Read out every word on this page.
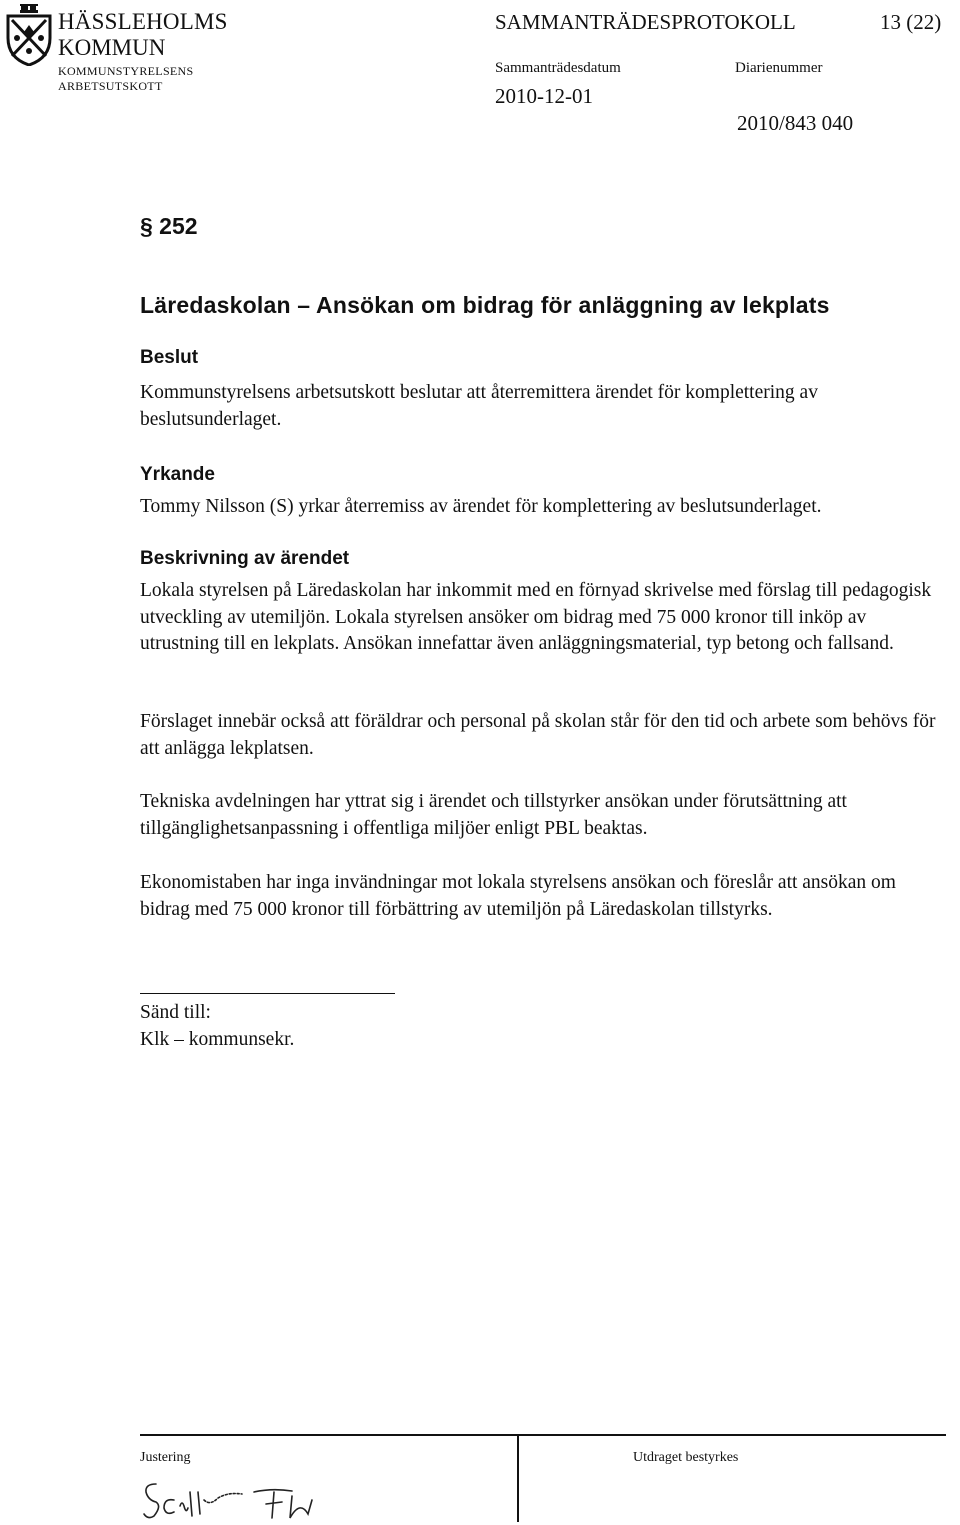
HÄSSLEHOLMS
KOMMUN
KOMMUNSTYRELSENS
ARBETSUTSKOTT
SAMMANTRÄDESPROTOKOLL	13 (22)
Sammanträdesdatum
2010-12-01
Diarienummer
2010/843 040
§ 252
Läredaskolan – Ansökan om bidrag för anläggning av lekplats
Beslut

Kommunstyrelsens arbetsutskott beslutar att återremittera ärendet för komplettering av beslutsunderlaget.

Yrkande

Tommy Nilsson (S) yrkar återremiss av ärendet för komplettering av beslutsunderlaget.

Beskrivning av ärendet

Lokala styrelsen på Läredaskolan har inkommit med en förnyad skrivelse med förslag till pedagogisk utveckling av utemiljön. Lokala styrelsen ansöker om bidrag med 75 000 kronor till inköp av utrustning till en lekplats. Ansökan innefattar även anläggningsmaterial, typ betong och fallsand.

Förslaget innebär också att föräldrar och personal på skolan står för den tid och arbete som behövs för att anlägga lekplatsen.

Tekniska avdelningen har yttrat sig i ärendet och tillstyrker ansökan under förutsättning att tillgänglighetsanpassning i offentliga miljöer enligt PBL beaktas.

Ekonomistaben har inga invändningar mot lokala styrelsens ansökan och föreslår att ansökan om bidrag med 75 000 kronor till förbättring av utemiljön på Läredaskolan tillstyrks.

Sänd till:
Klk – kommunsekr.
Justering	Utdraget bestyrkes
